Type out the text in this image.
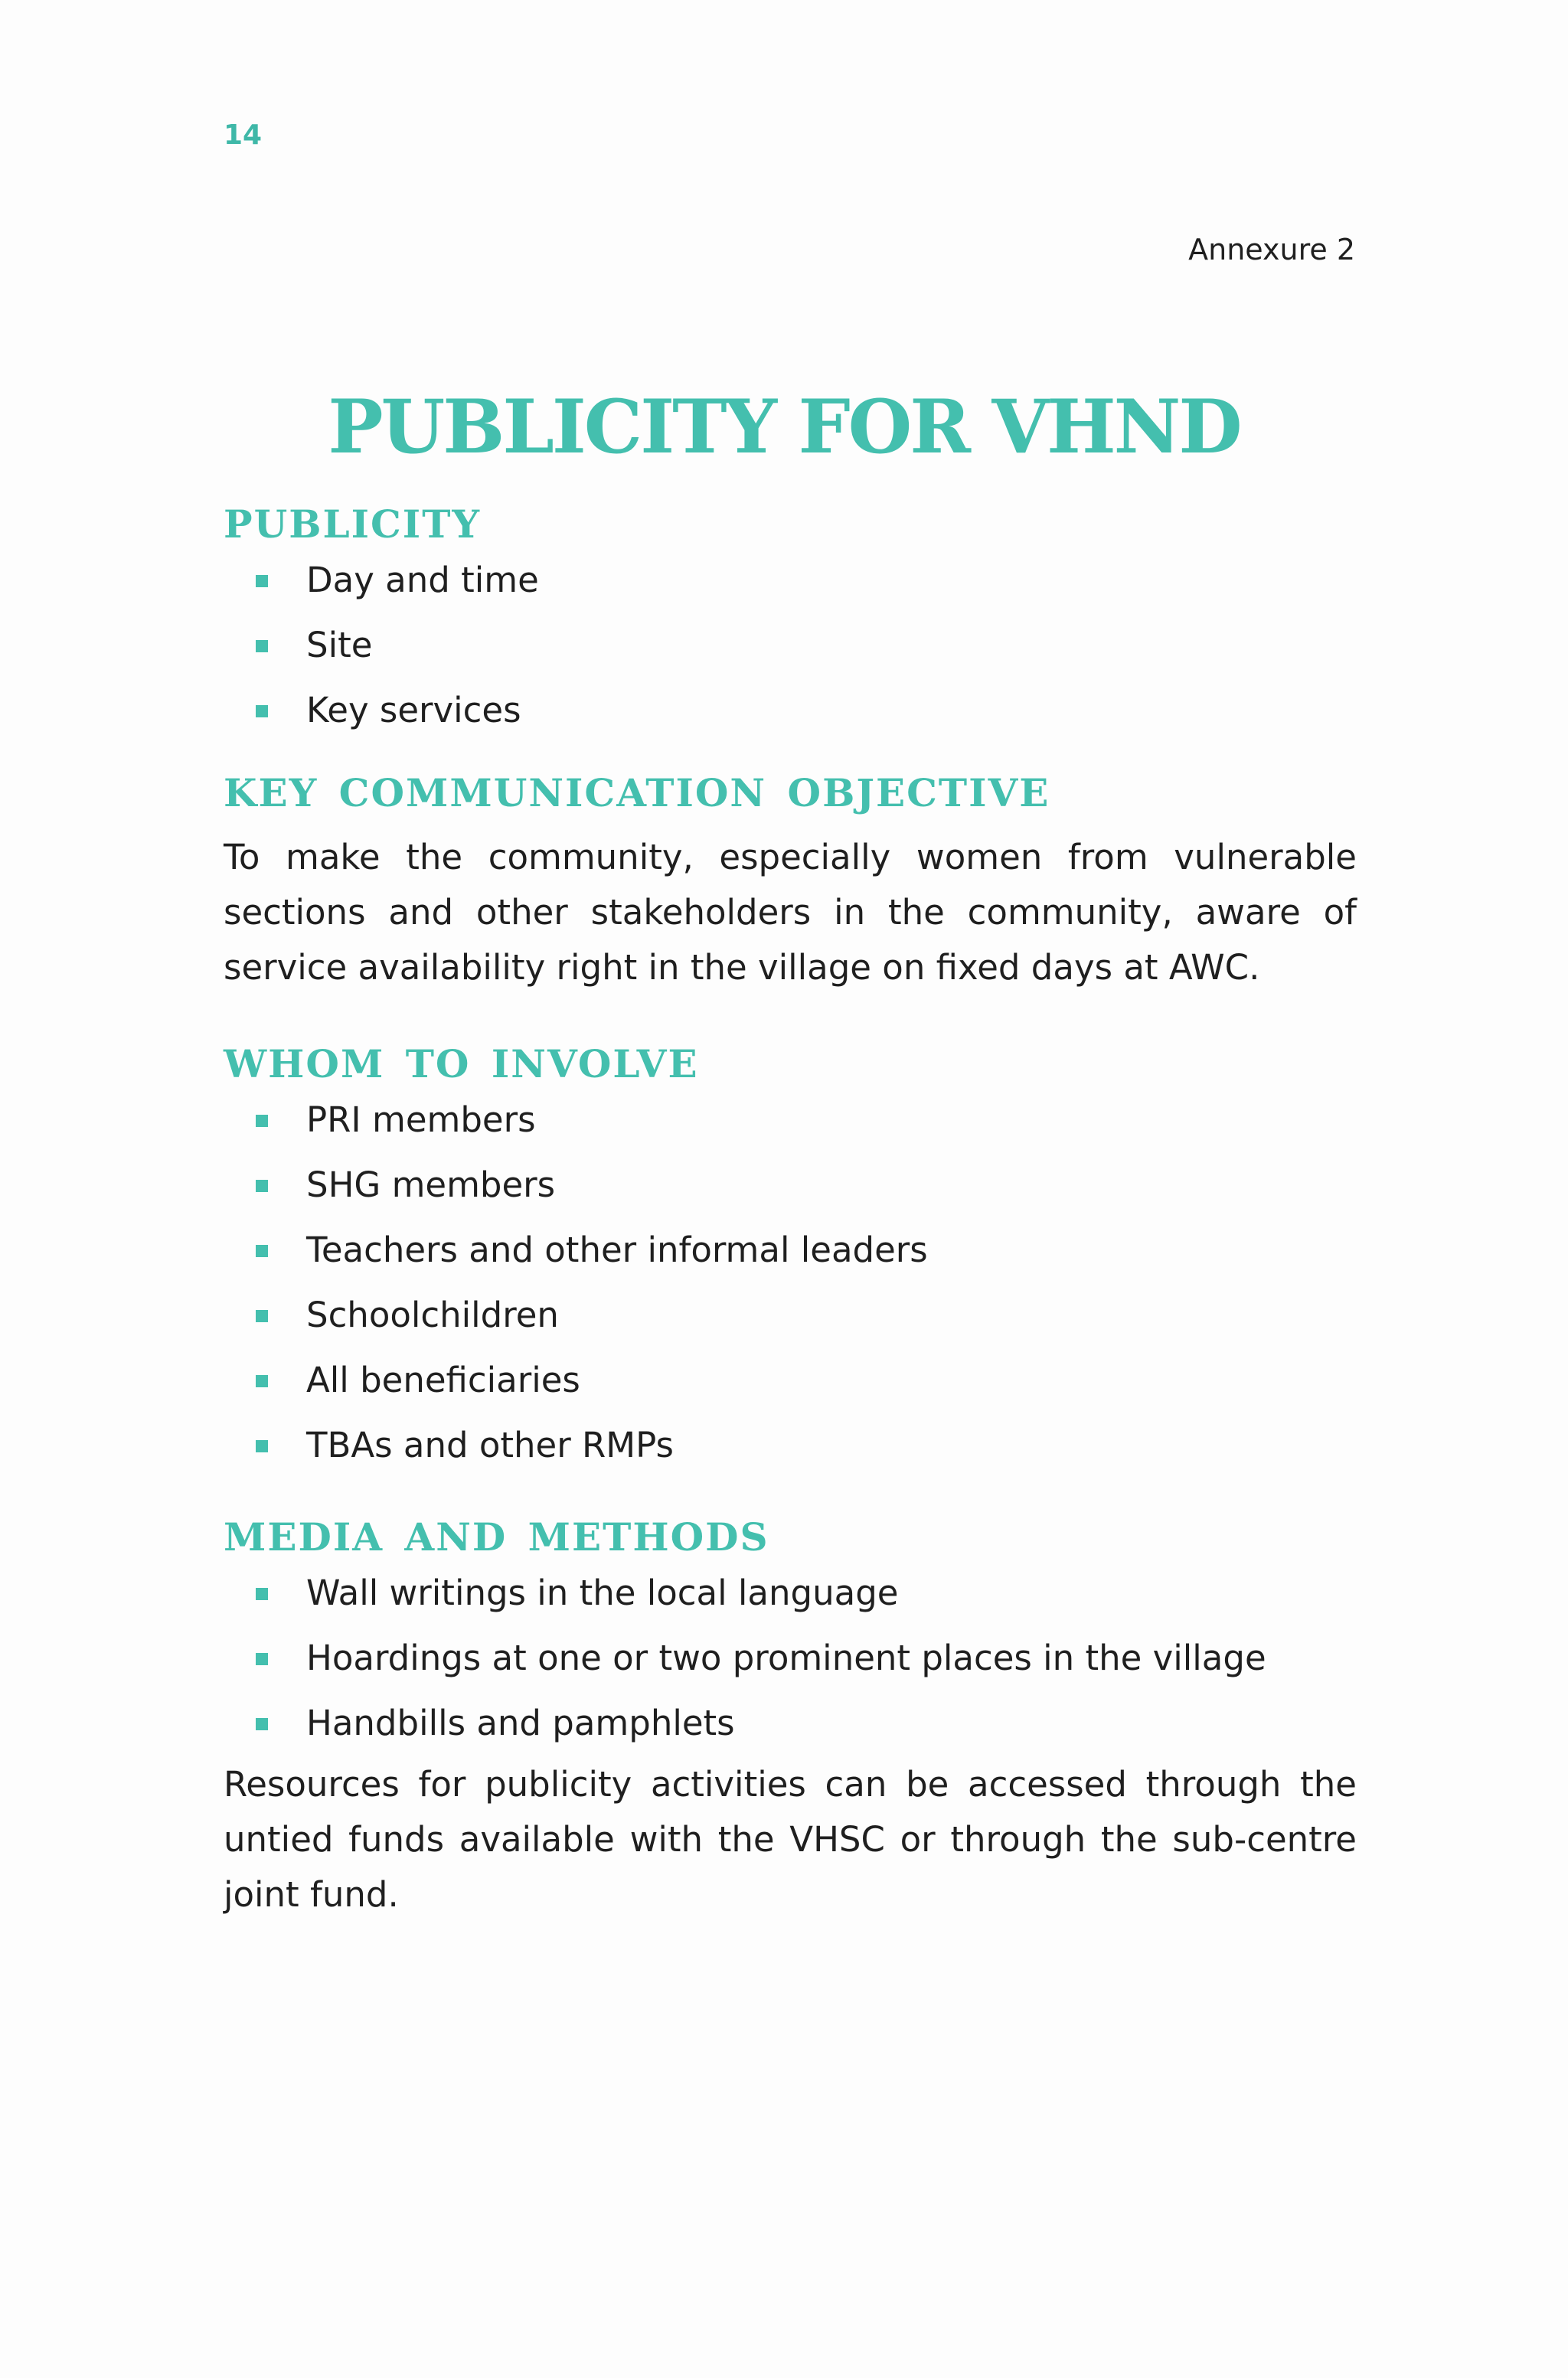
14
Annexure 2
PUBLICITY FOR VHND
PUBLICITY
Day and time
Site
Key services
KEY COMMUNICATION OBJECTIVE

To make the community, especially women from vulnerable sections and other stakeholders in the community, aware of service availability right in the village on fixed days at AWC.

WHOM TO INVOLVE
PRI members
SHG members
Teachers and other informal leaders
Schoolchildren
All beneficiaries
TBAs and other RMPs
MEDIA AND METHODS
Wall writings in the local language
Hoardings at one or two prominent places in the village
Handbills and pamphlets

Resources for publicity activities can be accessed through the untied funds available with the VHSC or through the sub-centre joint fund.
